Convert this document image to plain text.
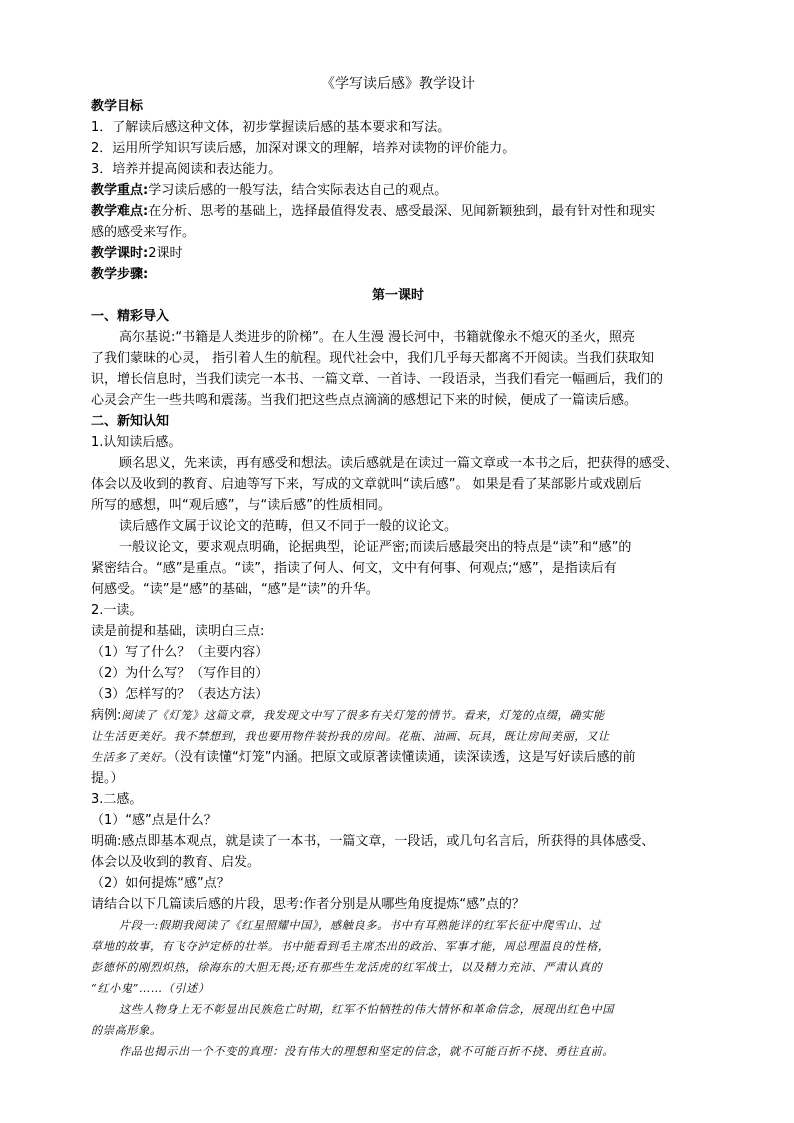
《学写读后感》教学设计
教学目标
1．了解读后感这种文体，初步掌握读后感的基本要求和写法。
2．运用所学知识写读后感，加深对课文的理解，培养对读物的评价能力。
3．培养并提高阅读和表达能力。
教学重点:学习读后感的一般写法，结合实际表达自己的观点。
教学难点:在分析、思考的基础上，选择最值得发表、感受最深、见闻新颖独到，最有针对性和现实
感的感受来写作。
教学课时:2课时
教学步骤:
第一课时
一、精彩导入
高尔基说:“书籍是人类进步的阶梯”。在人生漫 漫长河中，书籍就像永不熄灭的圣火，照亮
了我们蒙昧的心灵， 指引着人生的航程。现代社会中，我们几乎每天都离不开阅读。当我们获取知
识，增长信息时，当我们读完一本书、一篇文章、一首诗、一段语录，当我们看完一幅画后，我们的
心灵会产生一些共鸣和震荡。当我们把这些点点滴滴的感想记下来的时候，便成了一篇读后感。
二、新知认知
1.认知读后感。
顾名思义，先来读，再有感受和想法。读后感就是在读过一篇文章或一本书之后，把获得的感受、
体会以及收到的教育、启迪等写下来，写成的文章就叫“读后感”。 如果是看了某部影片或戏剧后
所写的感想，叫“观后感”，与“读后感”的性质相同。
读后感作文属于议论文的范畴，但又不同于一般的议论文。
一般议论文，要求观点明确，论据典型，论证严密;而读后感最突出的特点是“读”和“感”的
紧密结合。“感”是重点。“读”，指读了何人、何文，文中有何事、何观点;“感”，是指读后有
何感受。“读”是“感”的基础，“感”是“读”的升华。
2.一读。
读是前提和基础，读明白三点:
（1）写了什么？（主要内容）
（2）为什么写？（写作目的）
（3）怎样写的？（表达方法）
病例:阅读了《灯笼》这篇文章，我发现文中写了很多有关灯笼的情节。看来，灯笼的点缀，确实能
让生活更美好。我不禁想到，我也要用物件装扮我的房间。花瓶、油画、玩具，既让房间美丽，又让
生活多了美好。（没有读懂“灯笼”内涵。把原文或原著读懂读通，读深读透，这是写好读后感的前
提。）
3.二感。
（1）“感”点是什么？
明确:感点即基本观点，就是读了一本书，一篇文章，一段话，或几句名言后，所获得的具体感受、
体会以及收到的教育、启发。
（2）如何提炼“感”点？
请结合以下几篇读后感的片段，思考:作者分别是从哪些角度提炼“感”点的？
片段一:假期我阅读了《红星照耀中国》，感触良多。书中有耳熟能详的红军长征中爬雪山、过
草地的故事，有飞夺泸定桥的壮举。书中能看到毛主席杰出的政治、军事才能，周总理温良的性格，
彭德怀的刚烈炽热，徐海东的大胆无畏;还有那些生龙活虎的红军战士，以及精力充沛、严肃认真的
“红小鬼”……（引述）
这些人物身上无不彰显出民族危亡时期，红军不怕牺牲的伟大情怀和革命信念，展现出红色中国
的崇高形象。
作品也揭示出一个不变的真理：没有伟大的理想和坚定的信念，就不可能百折不挠、勇往直前。
